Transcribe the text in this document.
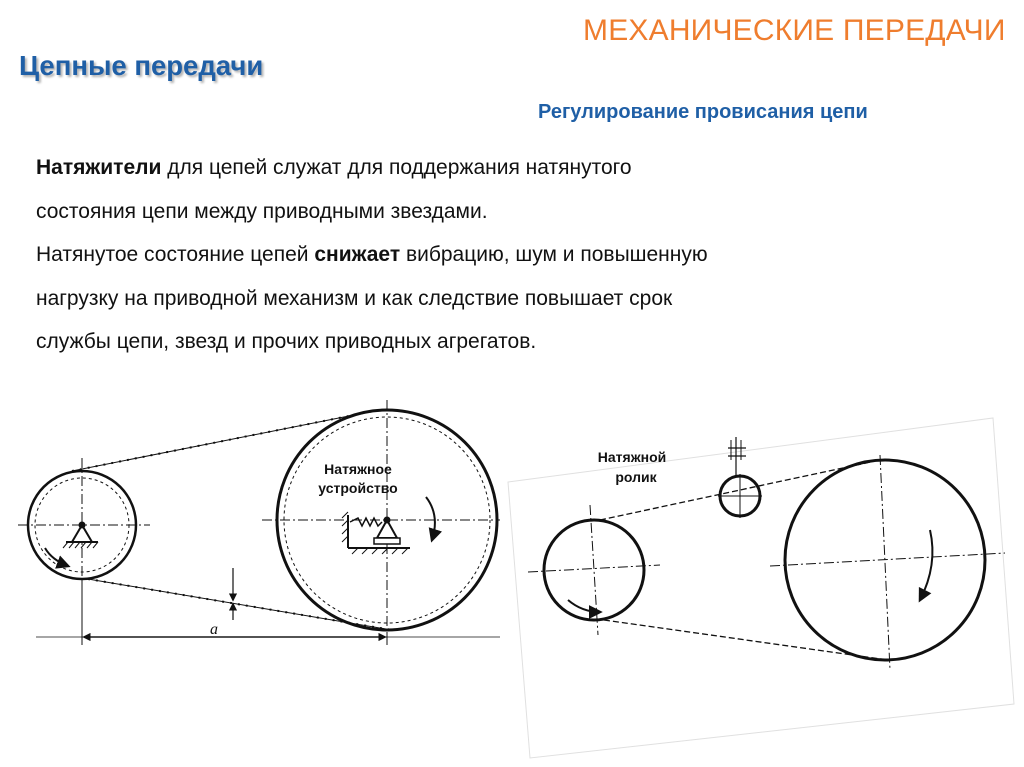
МЕХАНИЧЕСКИЕ ПЕРЕДАЧИ
Цепные передачи
Регулирование провисания цепи

Натяжители для цепей служат для поддержания натянутого

состояния цепи между приводными звездами.

Натянутое состояние цепей снижает вибрацию, шум и повышенную

нагрузку на приводной механизм и как следствие повышает срок

службы цепи, звезд и прочих приводных агрегатов.

Натяжное
устройство
a
Натяжной
ролик
